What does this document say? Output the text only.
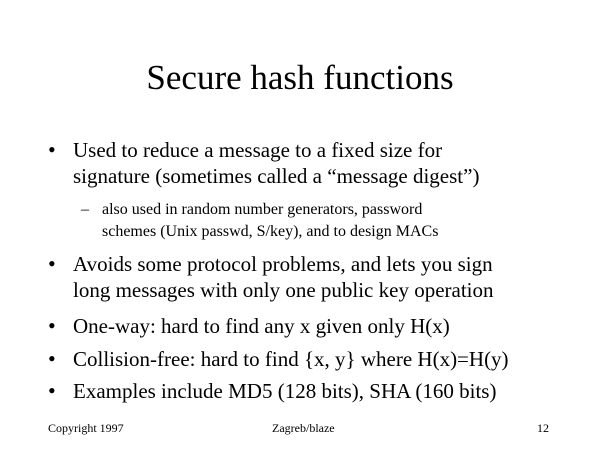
Secure hash functions
• Used to reduce a message to a fixed size for
signature (sometimes called a “message digest”)
– also used in random number generators, password
schemes (Unix passwd, S/key), and to design MACs
• Avoids some protocol problems, and lets you sign
long messages with only one public key operation
• One-way: hard to find any x given only H(x)
• Collision-free: hard to find {x, y} where H(x)=H(y)
• Examples include MD5 (128 bits), SHA (160 bits)
Copyright 1997	Zagreb/blaze	12
